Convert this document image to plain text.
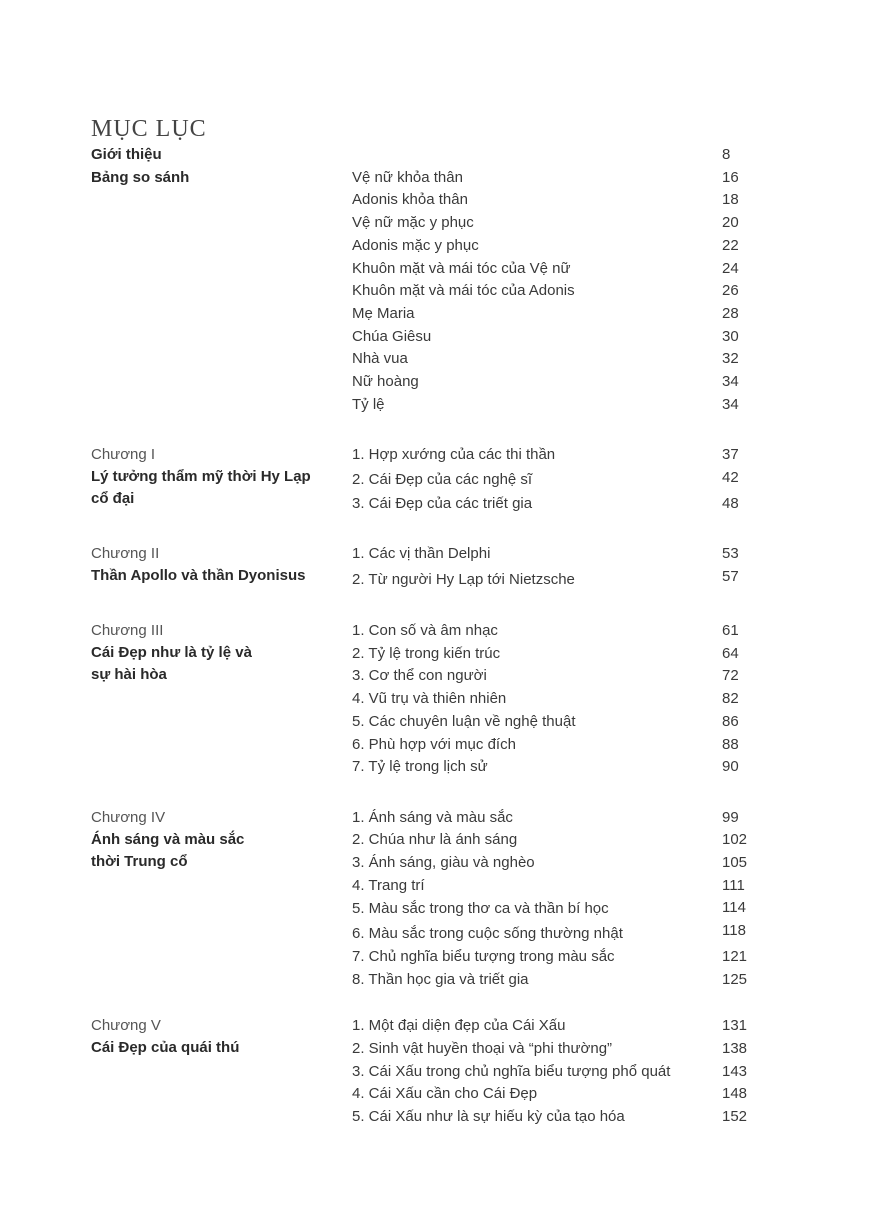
MỤC LỤC
Giới thiệu	8
Bảng so sánh	Vệ nữ khỏa thân	16
Adonis khỏa thân	18
Vệ nữ mặc y phục	20
Adonis mặc y phục	22
Khuôn mặt và mái tóc của Vệ nữ	24
Khuôn mặt và mái tóc của Adonis	26
Mẹ Maria	28
Chúa Giêsu	30
Nhà vua	32
Nữ hoàng	34
Tỷ lệ	34
Chương I
Lý tưởng thẩm mỹ thời Hy Lạp
cổ đại
1. Hợp xướng của các thi thần	37
2. Cái Đẹp của các nghệ sĩ	42
3. Cái Đẹp của các triết gia	48
Chương II
Thần Apollo và thần Dyonisus
1. Các vị thần Delphi	53
2. Từ người Hy Lạp tới Nietzsche	57
Chương III
Cái Đẹp như là tỷ lệ và
sự hài hòa
1. Con số và âm nhạc	61
2. Tỷ lệ trong kiến trúc	64
3. Cơ thể con người	72
4. Vũ trụ và thiên nhiên	82
5. Các chuyên luận về nghệ thuật	86
6. Phù hợp với mục đích	88
7. Tỷ lệ trong lịch sử	90
Chương IV
Ánh sáng và màu sắc
thời Trung cổ
1. Ánh sáng và màu sắc	99
2. Chúa như là ánh sáng	102
3. Ánh sáng, giàu và nghèo	105
4. Trang trí	111
5. Màu sắc trong thơ ca và thần bí học	114
6. Màu sắc trong cuộc sống thường nhật	118
7. Chủ nghĩa biểu tượng trong màu sắc	121
8. Thần học gia và triết gia	125
Chương V
Cái Đẹp của quái thú
1. Một đại diện đẹp của Cái Xấu	131
2. Sinh vật huyền thoại và “phi thường”	138
3. Cái Xấu trong chủ nghĩa biểu tượng phổ quát	143
4. Cái Xấu cần cho Cái Đẹp	148
5. Cái Xấu như là sự hiếu kỳ của tạo hóa	152
